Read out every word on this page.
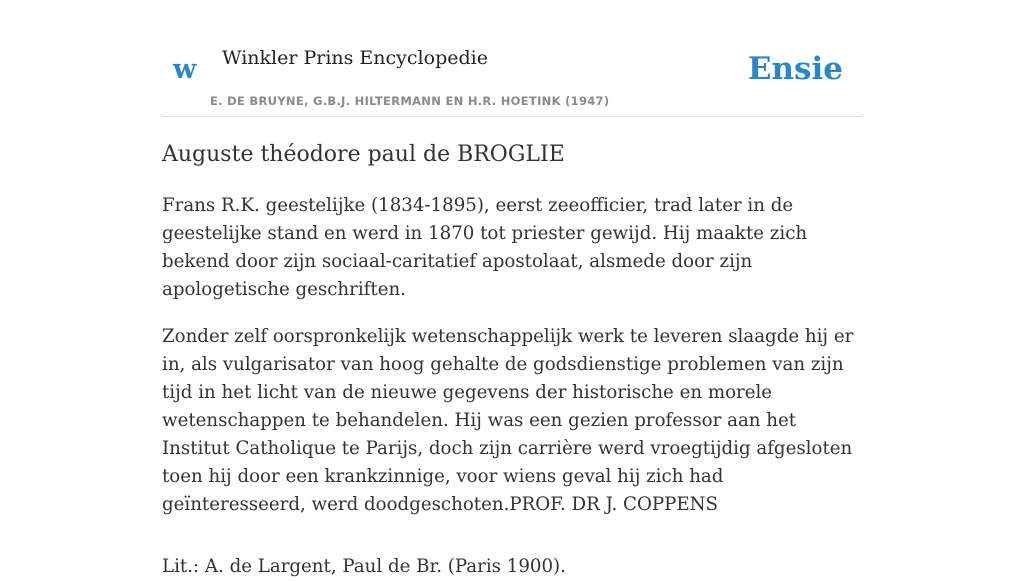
w Winkler Prins Encyclopedie
E. DE BRUYNE, G.B.J. HILTERMANN EN H.R. HOETINK (1947)
Ensie
Auguste théodore paul de BROGLIE

Frans R.K. geestelijke (1834-1895), eerst zeeofficier, trad later in de geestelijke stand en werd in 1870 tot priester gewijd. Hij maakte zich bekend door zijn sociaal-caritatief apostolaat, alsmede door zijn apologetische geschriften.

Zonder zelf oorspronkelijk wetenschappelijk werk te leveren slaagde hij er in, als vulgarisator van hoog gehalte de godsdienstige problemen van zijn tijd in het licht van de nieuwe gegevens der historische en morele wetenschappen te behandelen. Hij was een gezien professor aan het Institut Catholique te Parijs, doch zijn carrière werd vroegtijdig afgesloten toen hij door een krankzinnige, voor wiens geval hij zich had geïnteresseerd, werd doodgeschoten.PROF. DR J. COPPENS

Lit.: A. de Largent, Paul de Br. (Paris 1900).
